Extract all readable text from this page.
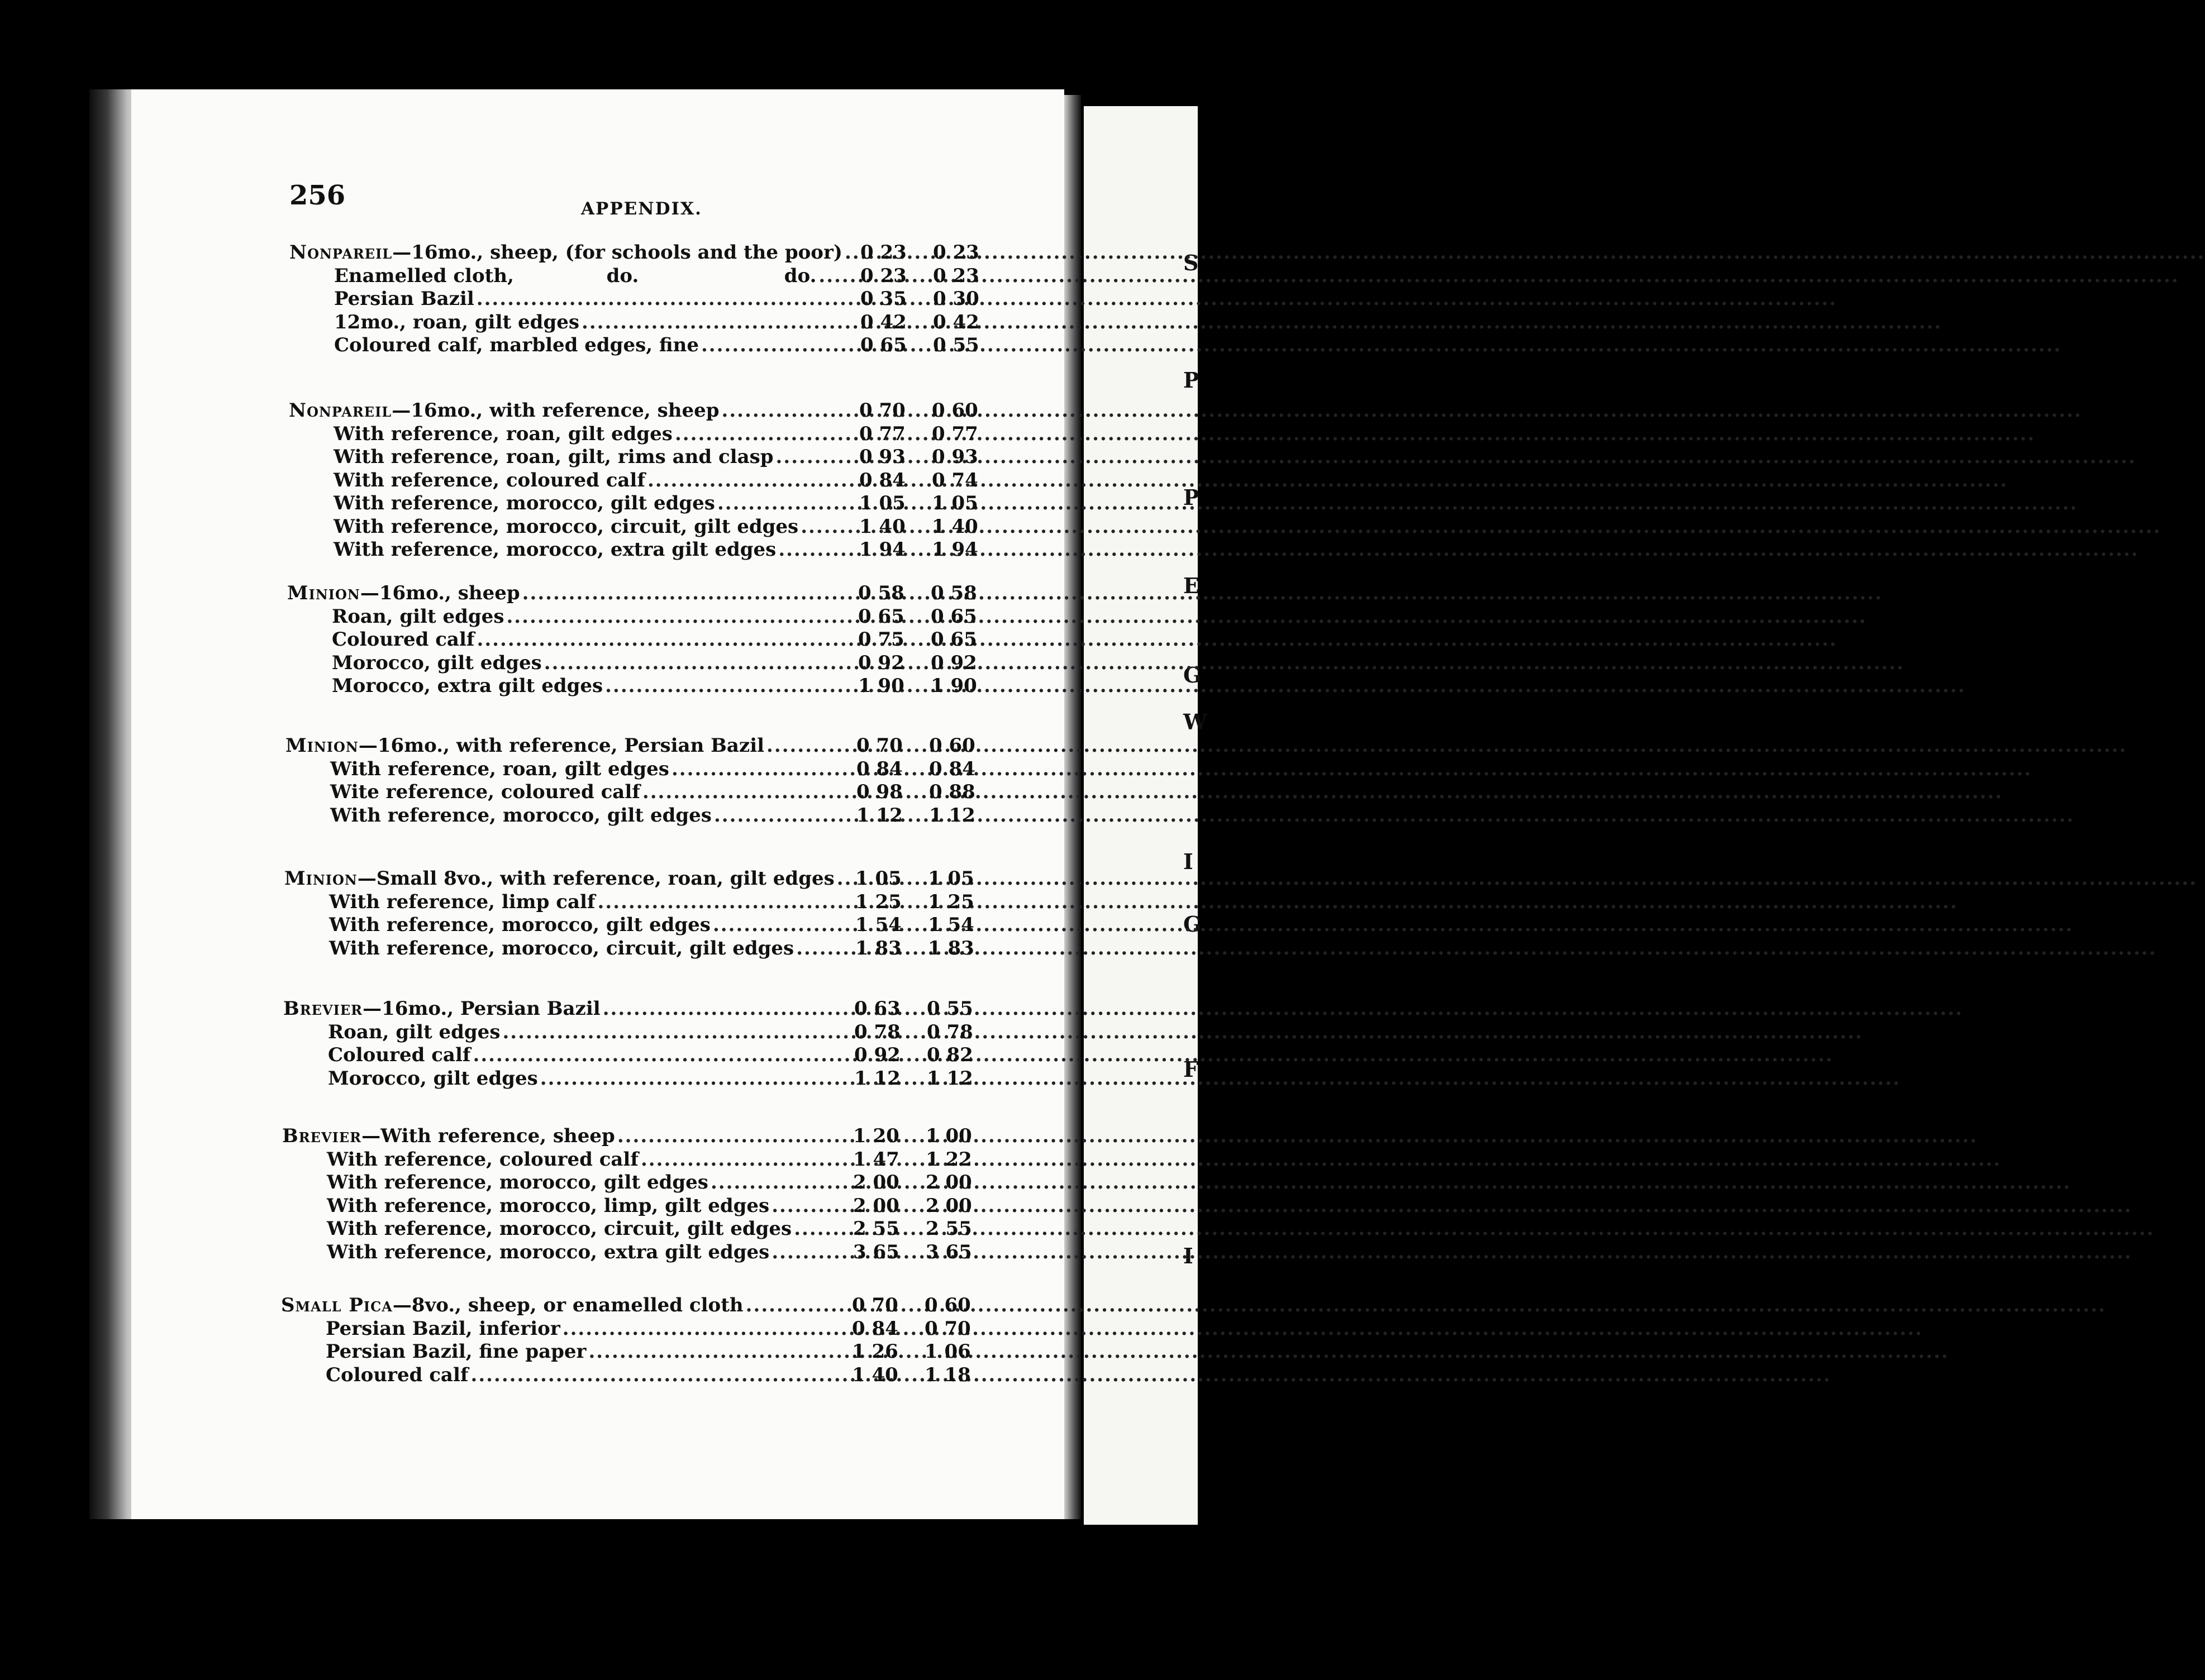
S
P
P
E
G
W
I
G
F
I
256	APPENDIX.
Nonpareil —16mo., sheep, (for schools and the poor) ..... 0 23 0 23
Enamelled cloth,              do.                      do. ..... 0 23 0 23
Persian Bazil .....	0 35 0 30
12mo., roan, gilt edges .....	0 42 0 42
Coloured calf, marbled edges, fine .....	0 65 0 55
Nonpareil —16mo., with reference, sheep .....	0 70 0 60
With reference, roan, gilt edges .....	0 77 0 77
With reference, roan, gilt, rims and clasp .....	0 93 0 93
With reference, coloured calf .....	0 84 0 74
With reference, morocco, gilt edges .....	1 05 1 05
With reference, morocco, circuit, gilt edges .....	1 40 1 40
With reference, morocco, extra gilt edges .....	1 94 1 94
Minion —16mo., sheep .....	0 58 0 58
Roan, gilt edges .....	0 65 0 65
Coloured calf .....	0 75 0 65
Morocco, gilt edges .....	0 92 0 92
Morocco, extra gilt edges .....	1 90 1 90
Minion —16mo., with reference, Persian Bazil .....	0 70 0 60
With reference, roan, gilt edges .....	0 84 0 84
Wite reference, coloured calf .....	0 98 0 88
With reference, morocco, gilt edges .....	1 12 1 12
Minion —Small 8vo., with reference, roan, gilt edges ..... 1 05 1 05
With reference, limp calf .....	1 25 1 25
With reference, morocco, gilt edges .....	1 54 1 54
With reference, morocco, circuit, gilt edges .....	1 83 1 83
Brevier —16mo., Persian Bazil .....	0 63 0 55
Roan, gilt edges .....	0 78 0 78
Coloured calf .....	0 92 0 82
Morocco, gilt edges .....	1 12 1 12
Brevier —With reference, sheep .....	1 20 1 00
With reference, coloured calf .....	1 47 1 22
With reference, morocco, gilt edges .....	2 00 2 00
With reference, morocco, limp, gilt edges .....	2 00 2 00
With reference, morocco, circuit, gilt edges .....	2 55 2 55
With reference, morocco, extra gilt edges .....	3 65 3 65
Small Pica —8vo., sheep, or enamelled cloth .....	0 70 0 60
Persian Bazil, inferior .....	0 84 0 70
Persian Bazil, fine paper .....	1 26 1 06
Coloured calf .....	1 40 1 18
